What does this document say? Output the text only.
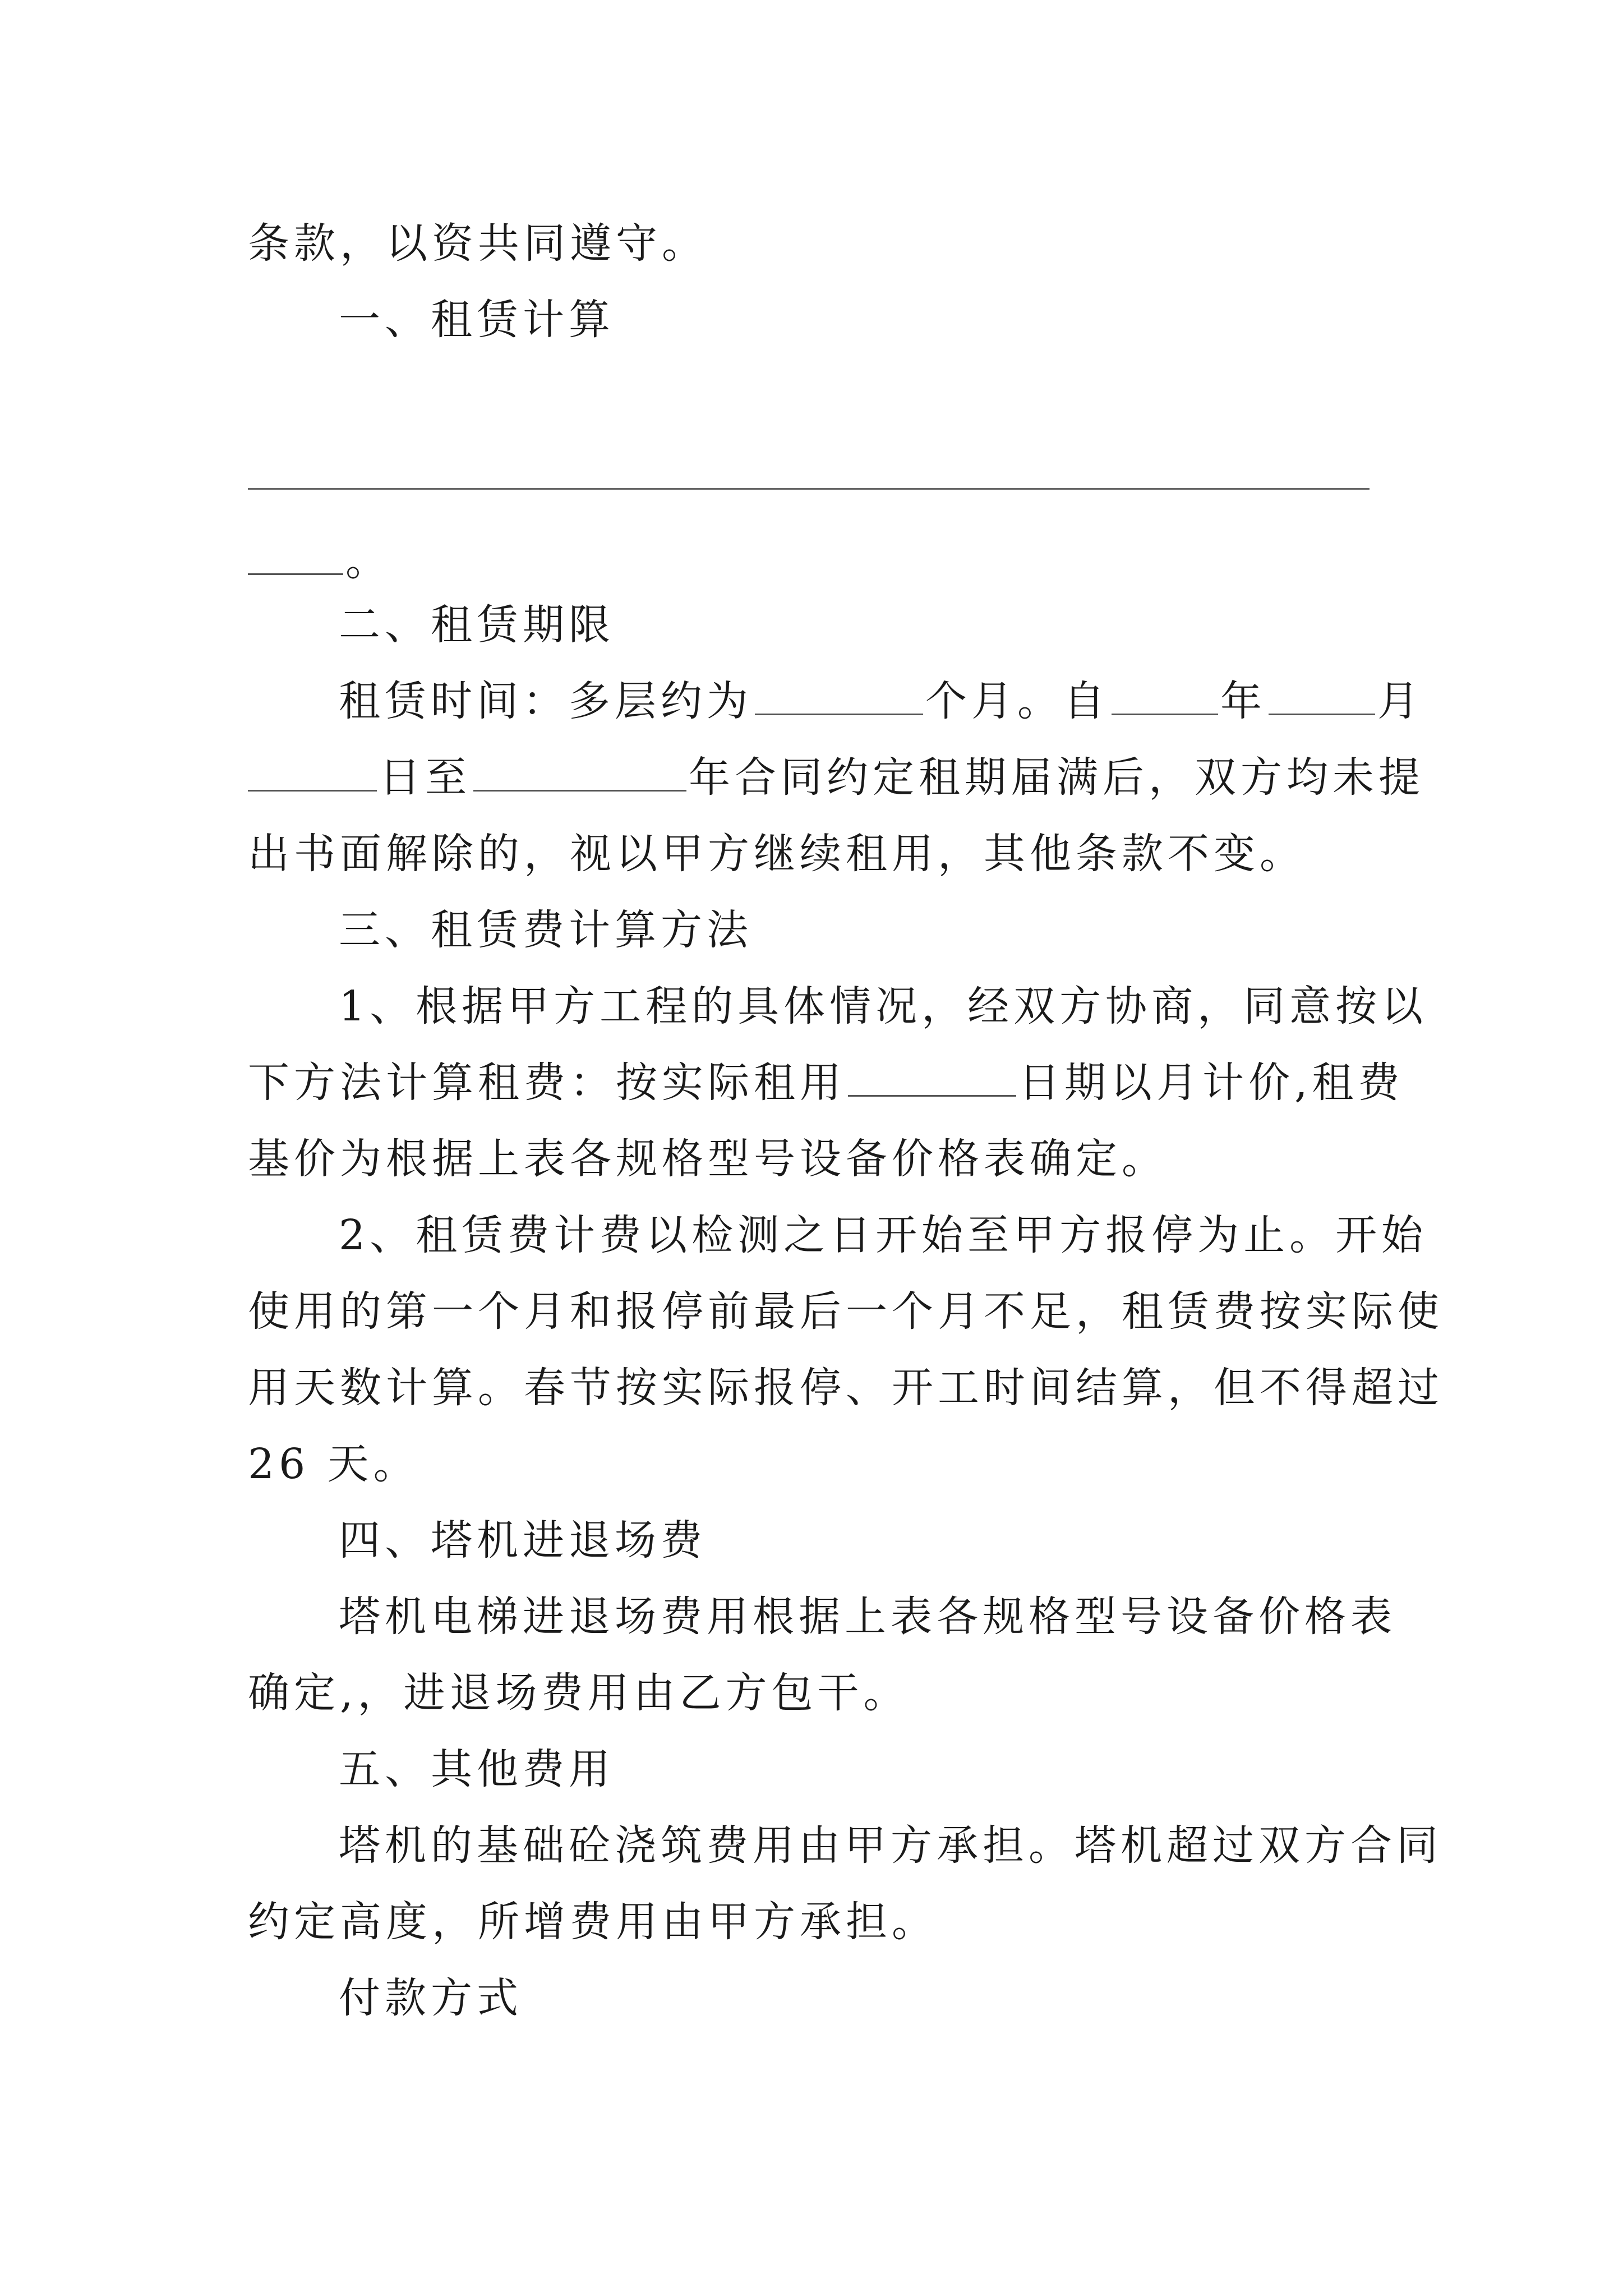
条款，以资共同遵守。
一、租赁计算
。
二、租赁期限
租赁时间：多层约为	个月。自	年	月
日至	年合同约定租期届满后，双方均未提
出书面解除的，视以甲方继续租用，其他条款不变。
三、租赁费计算方法
1、根据甲方工程的具体情况，经双方协商，同意按以
下方法计算租费：按实际租用	日期以月计价,租费
基价为根据上表各规格型号设备价格表确定。
2、租赁费计费以检测之日开始至甲方报停为止。开始
使用的第一个月和报停前最后一个月不足，租赁费按实际使
用天数计算。春节按实际报停、开工时间结算，但不得超过
26 天。
四、塔机进退场费
塔机电梯进退场费用根据上表各规格型号设备价格表
确定,，进退场费用由乙方包干。
五、其他费用
塔机的基础砼浇筑费用由甲方承担。塔机超过双方合同
约定高度，所增费用由甲方承担。
付款方式
